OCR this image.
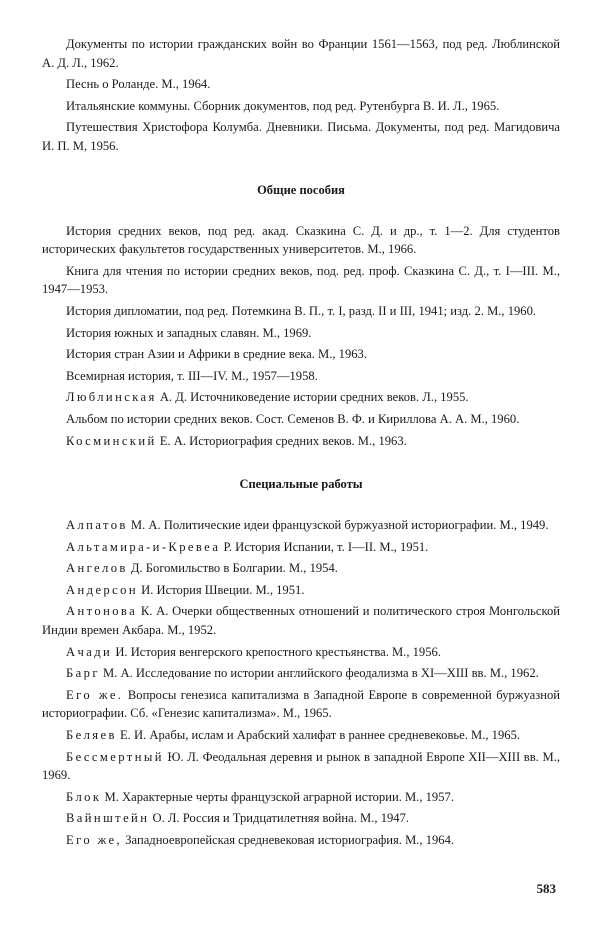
Документы по истории гражданских войн во Франции 1561—1563, под ред. Люблинской А. Д. Л., 1962.

Песнь о Роланде. М., 1964.

Итальянские коммуны. Сборник документов, под ред. Рутенбурга В. И. Л., 1965.

Путешествия Христофора Колумба. Дневники. Письма. Документы, под ред. Магидовича И. П. М, 1956.

Общие пособия

История средних веков, под ред. акад. Сказкина С. Д. и др., т. 1—2. Для студентов исторических факультетов государственных университетов. М., 1966.

Книга для чтения по истории средних веков, под. ред. проф. Сказкина С. Д., т. I—III. М., 1947—1953.

История дипломатии, под ред. Потемкина В. П., т. I, разд. II и III, 1941; изд. 2. М., 1960.

История южных и западных славян. М., 1969.

История стран Азии и Африки в средние века. М., 1963.

Всемирная история, т. III—IV. М., 1957—1958.

Люблинская А. Д. Источниковедение истории средних веков. Л., 1955.

Альбом по истории средних веков. Сост. Семенов В. Ф. и Кириллова А. А. М., 1960.

Косминский Е. А. Историография средних веков. М., 1963.

Специальные работы

Алпатов М. А. Политические идеи французской буржуазной историографии. М., 1949.

Альтамира-и-Кревеа Р. История Испании, т. I—II. М., 1951.

Ангелов Д. Богомильство в Болгарии. М., 1954.

Андерсон И. История Швеции. М., 1951.

Антонова К. А. Очерки общественных отношений и политического строя Монгольской Индии времен Акбара. М., 1952.

Ачади И. История венгерского крепостного крестьянства. М., 1956.

Барг М. А. Исследование по истории английского феодализма в XI—XIII вв. М., 1962.

Его же. Вопросы генезиса капитализма в Западной Европе в современной буржуазной историографии. Сб. «Генезис капитализма». М., 1965.

Беляев Е. И. Арабы, ислам и Арабский халифат в раннее средневековье. М., 1965.

Бессмертный Ю. Л. Феодальная деревня и рынок в западной Европе XII—XIII вв. М., 1969.

Блок М. Характерные черты французской аграрной истории. М., 1957.

Вайнштейн О. Л. Россия и Тридцатилетняя война. М., 1947.

Его же, Западноевропейская средневековая историография. М., 1964.

583
